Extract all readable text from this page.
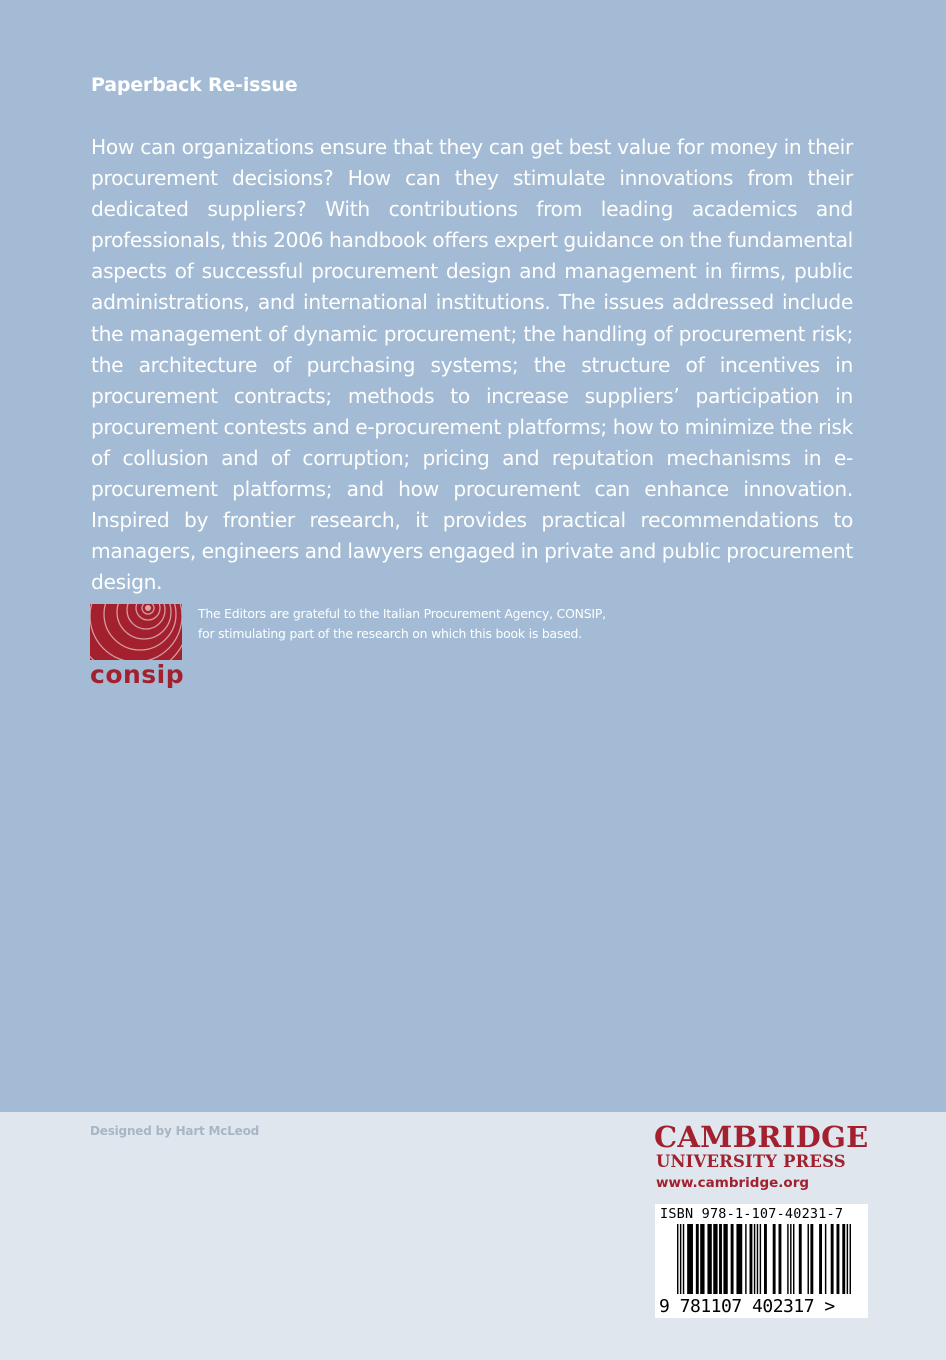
Paperback Re-issue
How can organizations ensure that they can get best value for money in their procurement decisions? How can they stimulate innovations from their dedicated suppliers? With contributions from leading academics and professionals, this 2006 handbook offers expert guidance on the fundamental aspects of successful procurement design and management in firms, public administrations, and international institutions. The issues addressed include the management of dynamic procurement; the handling of procurement risk; the architecture of purchasing systems; the structure of incentives in procurement contracts; methods to increase suppliers’ participation in procurement contests and e-procurement platforms; how to minimize the risk of collusion and of corruption; pricing and reputation mechanisms in e-procurement platforms; and how procurement can enhance innovation. Inspired by frontier research, it provides practical recommendations to managers, engineers and lawyers engaged in private and public procurement design.
consip
The Editors are grateful to the Italian Procurement Agency, CONSIP,
for stimulating part of the research on which this book is based.
Designed by Hart McLeod	CAMBRIDGE
UNIVERSITY PRESS
www.cambridge.org
ISBN 978-1-107-40231-7
9 781107 402317 >
